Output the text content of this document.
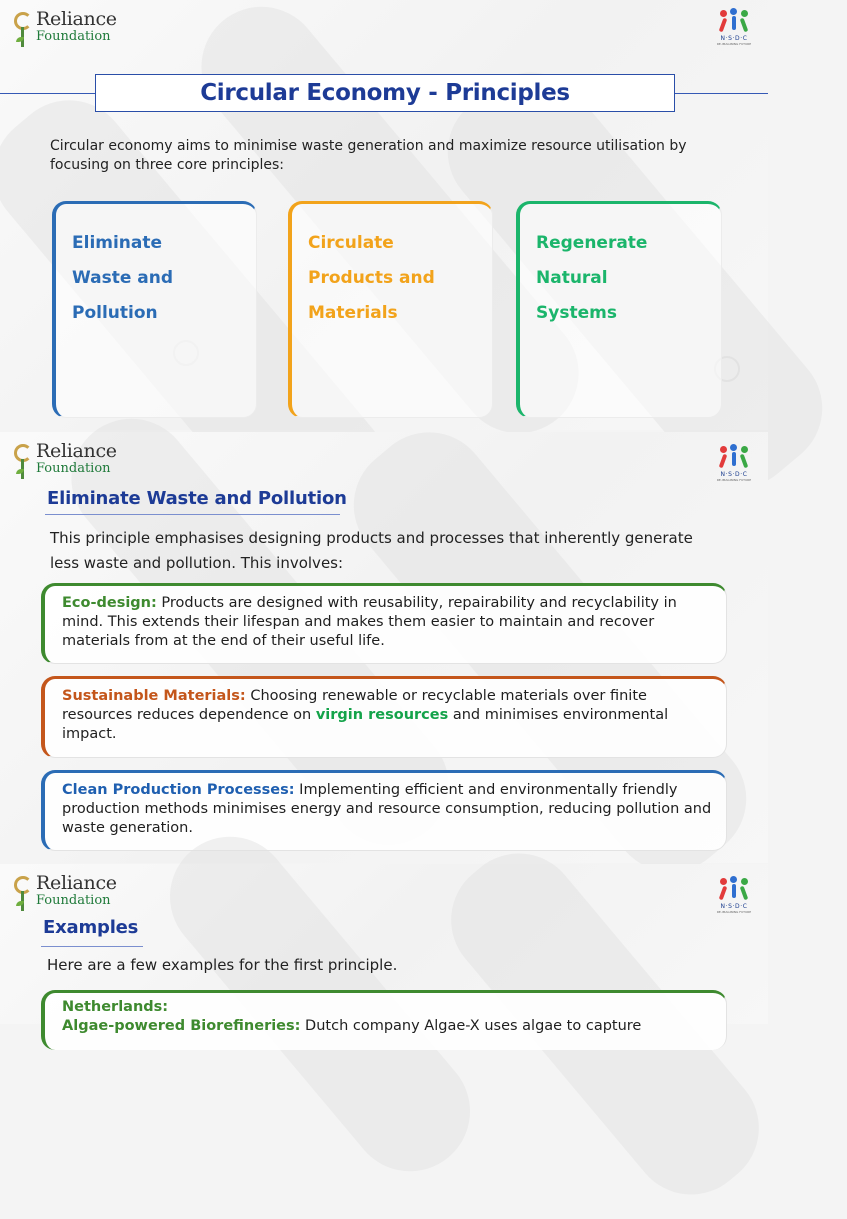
Reliance
Foundation	N·S·D·C
RE-IMAGINING FUTURE
Circular Economy - Principles

Circular economy aims to minimise waste generation and maximize resource utilisation by focusing on three core principles:

Eliminate
Waste and
Pollution
Circulate
Products and
Materials
Regenerate
Natural
Systems
Reliance
Foundation	N·S·D·C
RE-IMAGINING FUTURE
Eliminate Waste and Pollution

This principle emphasises designing products and processes that inherently generate less waste and pollution. This involves:

Eco-design: Products are designed with reusability, repairability and recyclability in mind. This extends their lifespan and makes them easier to maintain and recover materials from at the end of their useful life.
Sustainable Materials: Choosing renewable or recyclable materials over finite resources reduces dependence on virgin resources and minimises environmental impact.
Clean Production Processes: Implementing efficient and environmentally friendly production methods minimises energy and resource consumption, reducing pollution and waste generation.
Reliance
Foundation	N·S·D·C
RE-IMAGINING FUTURE
Examples

Here are a few examples for the first principle.

Netherlands:
Algae-powered Biorefineries: Dutch company Algae-X uses algae to capture
